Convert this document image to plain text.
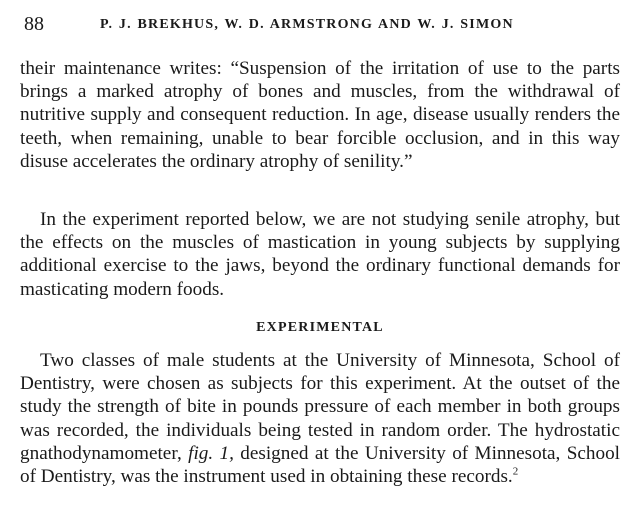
88	P. J. BREKHUS, W. D. ARMSTRONG AND W. J. SIMON

their maintenance writes: “Suspension of the irritation of use to the parts brings a marked atrophy of bones and muscles, from the withdrawal of nutritive supply and consequent reduction. In age, disease usually renders the teeth, when remaining, unable to bear forcible occlusion, and in this way disuse accelerates the ordinary atrophy of senility.”

In the experiment reported below, we are not studying senile atrophy, but the effects on the muscles of mastication in young subjects by supplying additional exercise to the jaws, beyond the ordinary functional demands for masticating modern foods.

EXPERIMENTAL

Two classes of male students at the University of Minnesota, School of Dentistry, were chosen as subjects for this experiment. At the outset of the study the strength of bite in pounds pressure of each member in both groups was recorded, the individuals being tested in random order. The hydrostatic gnathodynamometer, fig. 1, designed at the University of Minnesota, School of Dentistry, was the instrument used in obtaining these records.$^2$
